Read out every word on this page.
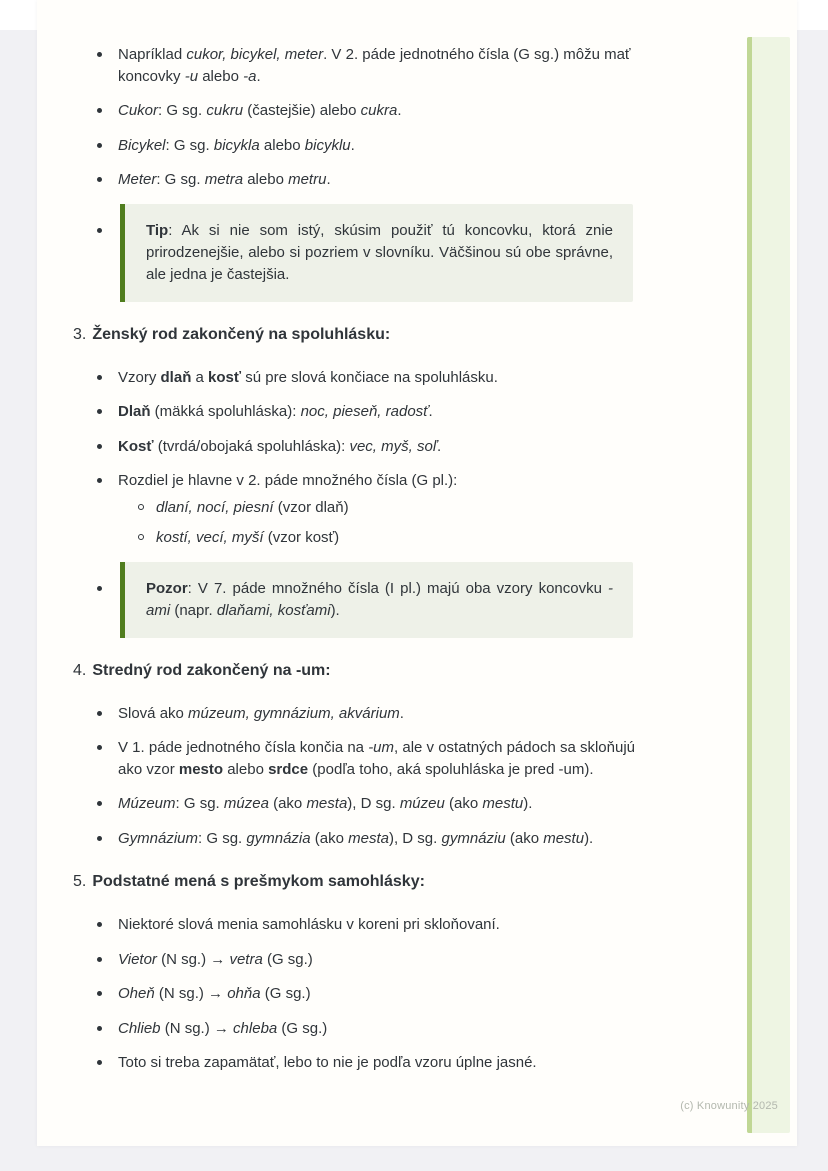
(c) Knowunity 2025
Napríklad cukor, bicykel, meter. V 2. páde jednotného čísla (G sg.) môžu mať koncovky -u alebo -a.
Cukor: G sg. cukru (častejšie) alebo cukra.
Bicykel: G sg. bicykla alebo bicyklu.
Meter: G sg. metra alebo metru.
Tip: Ak si nie som istý, skúsim použiť tú koncovku, ktorá znie prirodzenejšie, alebo si pozriem v slovníku. Väčšinou sú obe správne, ale jedna je častejšia.
3. Ženský rod zakončený na spoluhlásku:
Vzory dlaň a kosť sú pre slová končiace na spoluhlásku.
Dlaň (mäkká spoluhláska): noc, pieseň, radosť.
Kosť (tvrdá/obojaká spoluhláska): vec, myš, soľ.
Rozdiel je hlavne v 2. páde množného čísla (G pl.):
dlaní, nocí, piesní (vzor dlaň)
kostí, vecí, myší (vzor kosť)
Pozor: V 7. páde množného čísla (I pl.) majú oba vzory koncovku -ami (napr. dlaňami, kosťami).
4. Stredný rod zakončený na -um:
Slová ako múzeum, gymnázium, akvárium.
V 1. páde jednotného čísla končia na -um, ale v ostatných pádoch sa skloňujú ako vzor mesto alebo srdce (podľa toho, aká spoluhláska je pred -um).
Múzeum: G sg. múzea (ako mesta), D sg. múzeu (ako mestu).
Gymnázium: G sg. gymnázia (ako mesta), D sg. gymnáziu (ako mestu).
5. Podstatné mená s prešmykom samohlásky:
Niektoré slová menia samohlásku v koreni pri skloňovaní.
Vietor (N sg.) → vetra (G sg.)
Oheň (N sg.) → ohňa (G sg.)
Chlieb (N sg.) → chleba (G sg.)
Toto si treba zapamätať, lebo to nie je podľa vzoru úplne jasné.
